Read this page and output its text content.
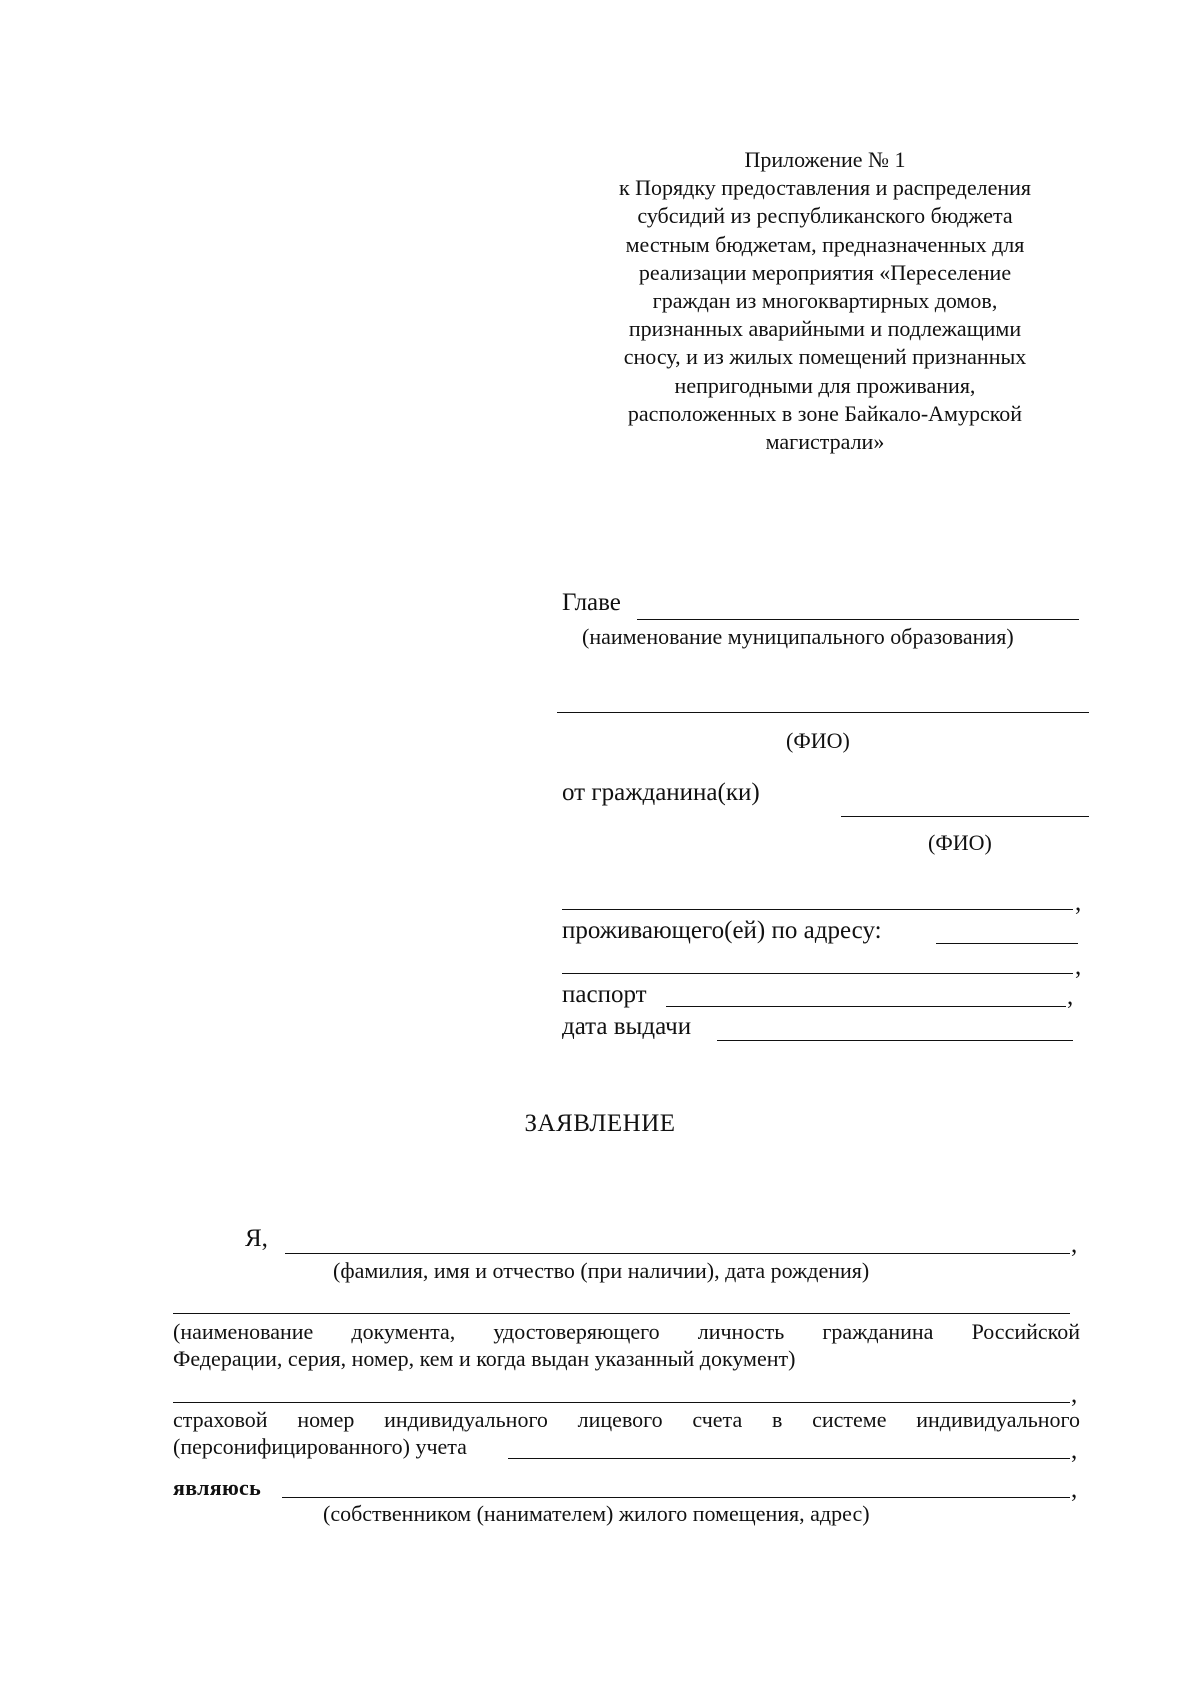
Приложение № 1
к Порядку предоставления и распределения
субсидий из республиканского бюджета
местным бюджетам, предназначенных для
реализации мероприятия «Переселение
граждан из многоквартирных домов,
признанных аварийными и подлежащими
сносу, и из жилых помещений признанных
непригодными для проживания,
расположенных в зоне Байкало-Амурской
магистрали»
Главе
(наименование муниципального образования)
(ФИО)
от гражданина(ки)
(ФИО)
,
проживающего(ей) по адресу:
,
паспорт	,
дата выдачи
ЗАЯВЛЕНИЕ
Я,	,
(фамилия, имя и отчество (при наличии), дата рождения)
(наименование документа, удостоверяющего личность гражданина Российской
Федерации, серия, номер, кем и когда выдан указанный документ)
,
страховой номер индивидуального лицевого счета в системе индивидуального
(персонифицированного) учета	,
являюсь	,
(собственником (нанимателем) жилого помещения, адрес)
